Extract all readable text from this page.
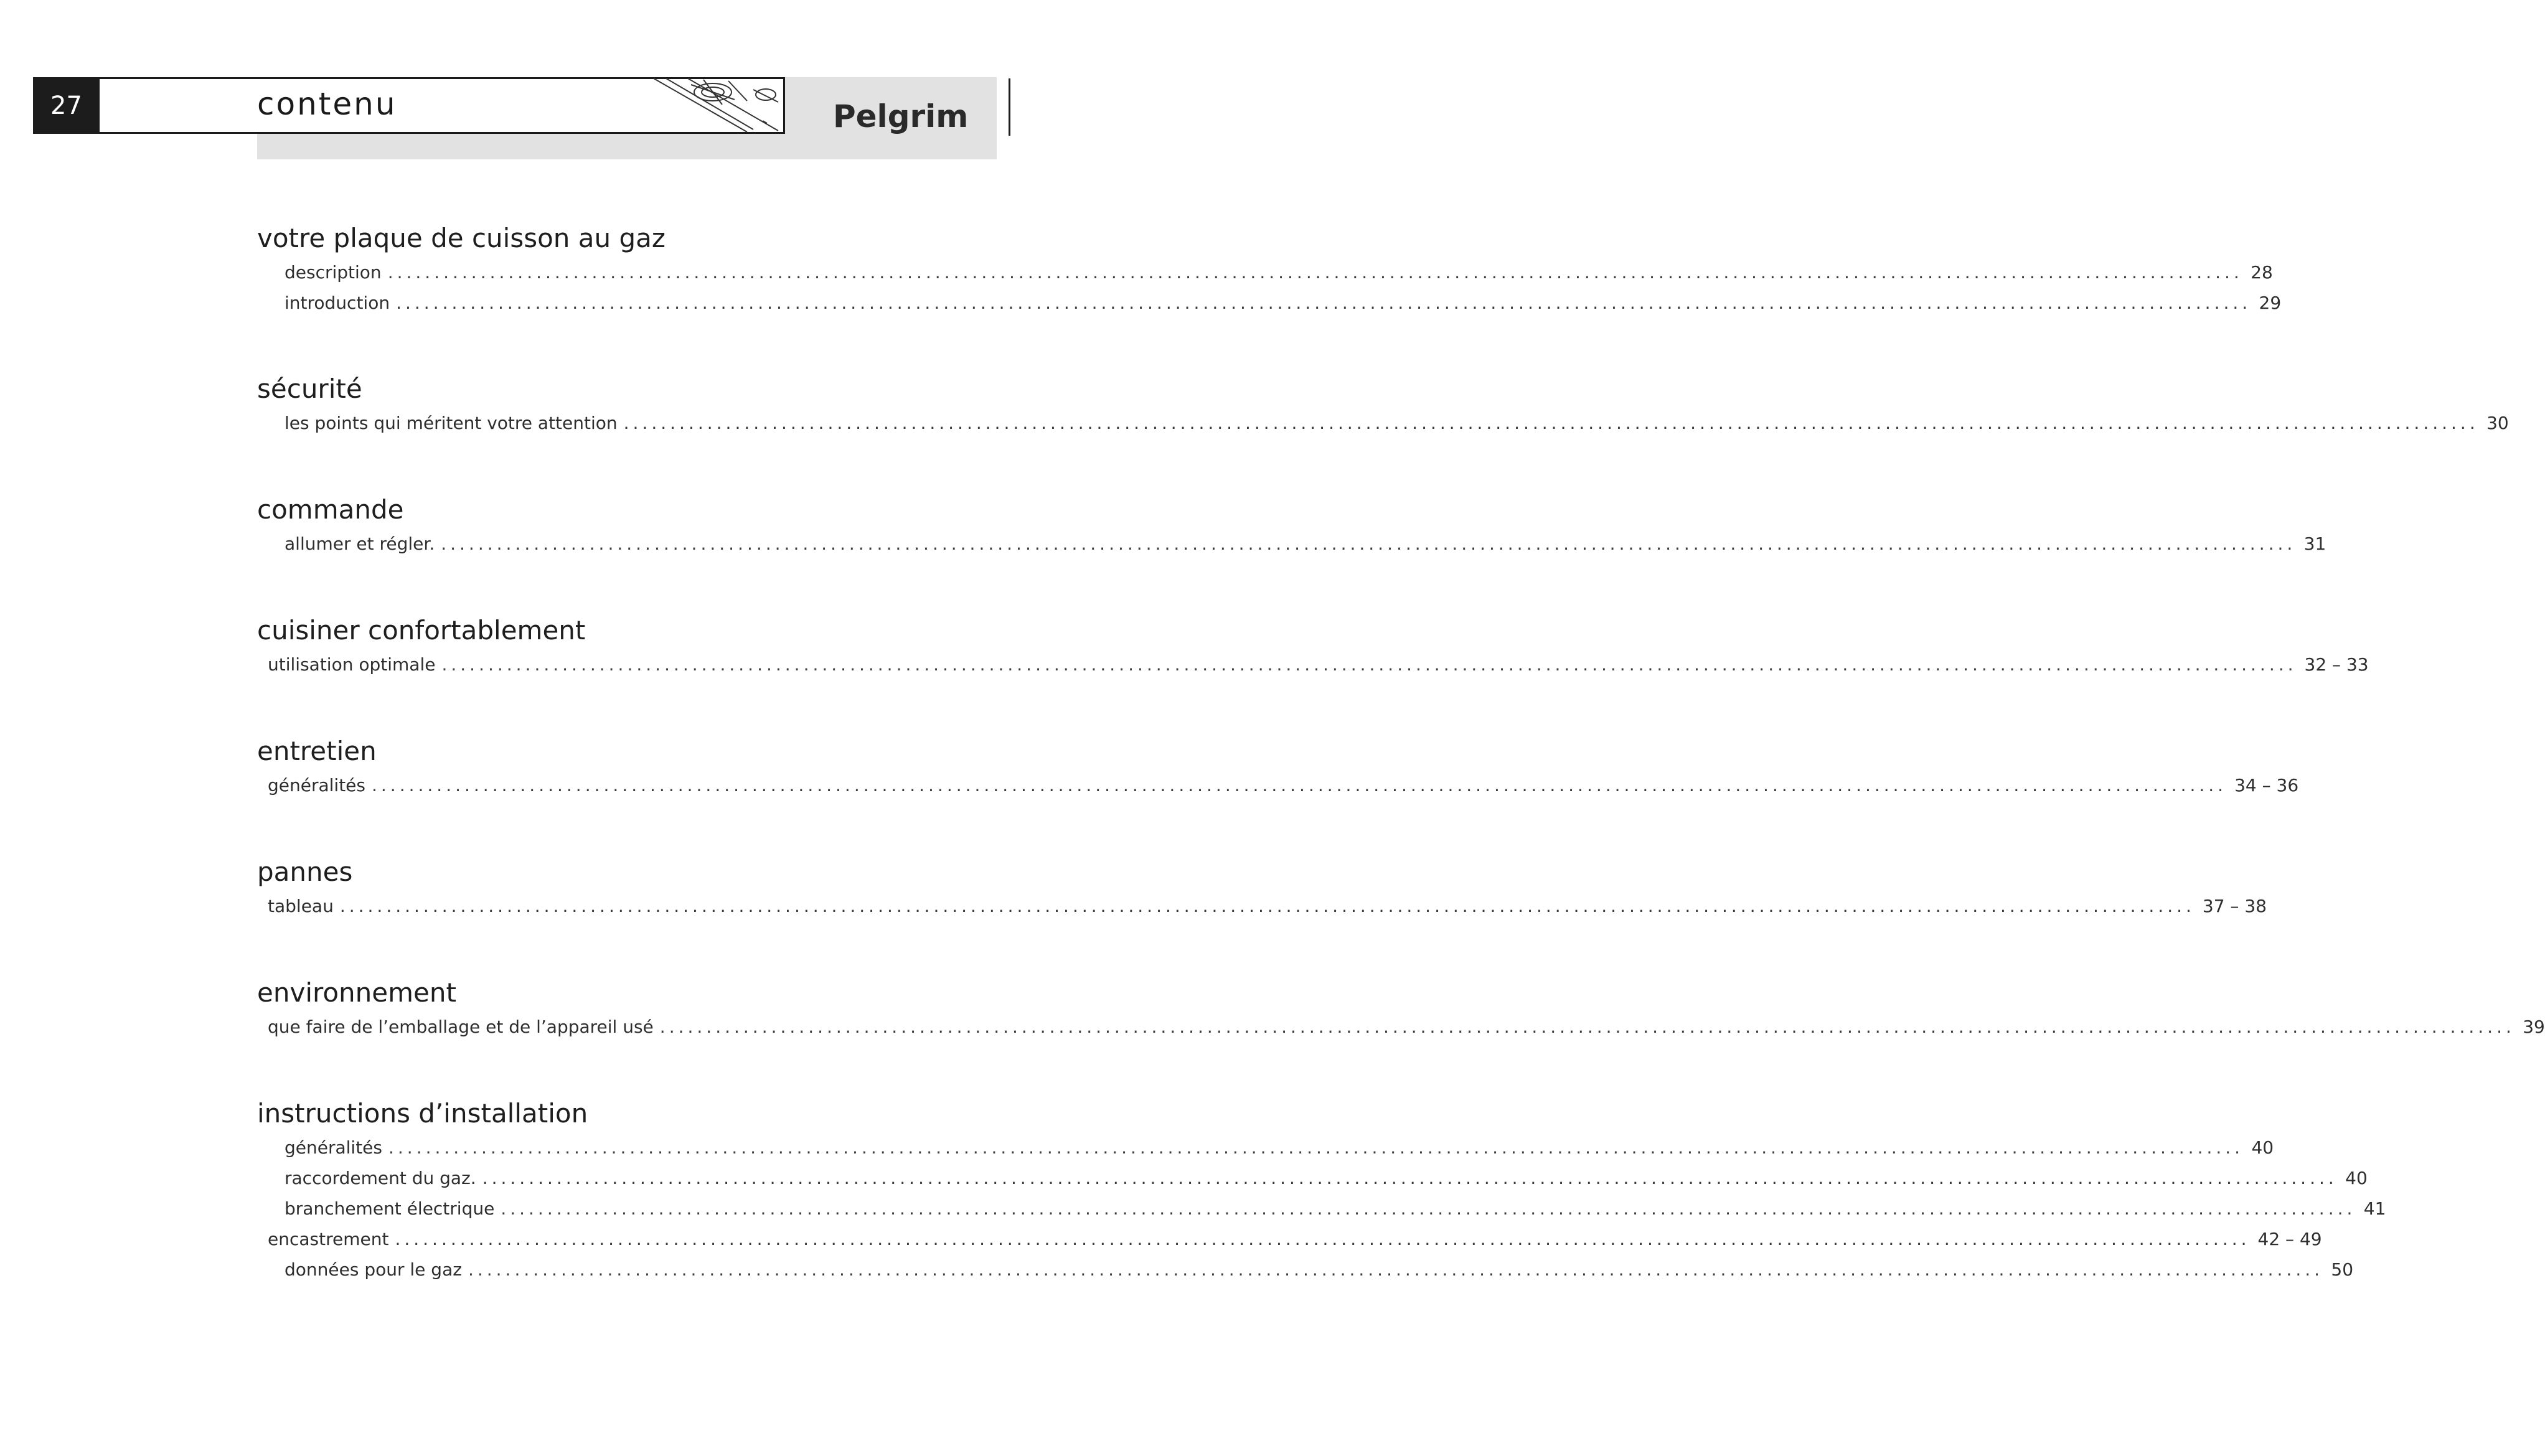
27	contenu	Pelgrim
votre plaque de cuisson au gaz
description ........................................................................................................................................................................................................ 28
introduction ........................................................................................................................................................................................................ 29
sécurité
les points qui méritent votre attention ........................................................................................................................................................................................................ 30
commande
allumer et régler. ........................................................................................................................................................................................................ 31
cuisiner confortablement
utilisation optimale ........................................................................................................................................................................................................ 32 – 33
entretien
généralités ........................................................................................................................................................................................................ 34 – 36
pannes
tableau ........................................................................................................................................................................................................ 37 – 38
environnement
que faire de l’emballage et de l’appareil usé ........................................................................................................................................................................................................ 39
instructions d’installation
généralités ........................................................................................................................................................................................................ 40
raccordement du gaz. ........................................................................................................................................................................................................ 40
branchement électrique ........................................................................................................................................................................................................ 41
encastrement ........................................................................................................................................................................................................ 42 – 49
données pour le gaz ........................................................................................................................................................................................................ 50
